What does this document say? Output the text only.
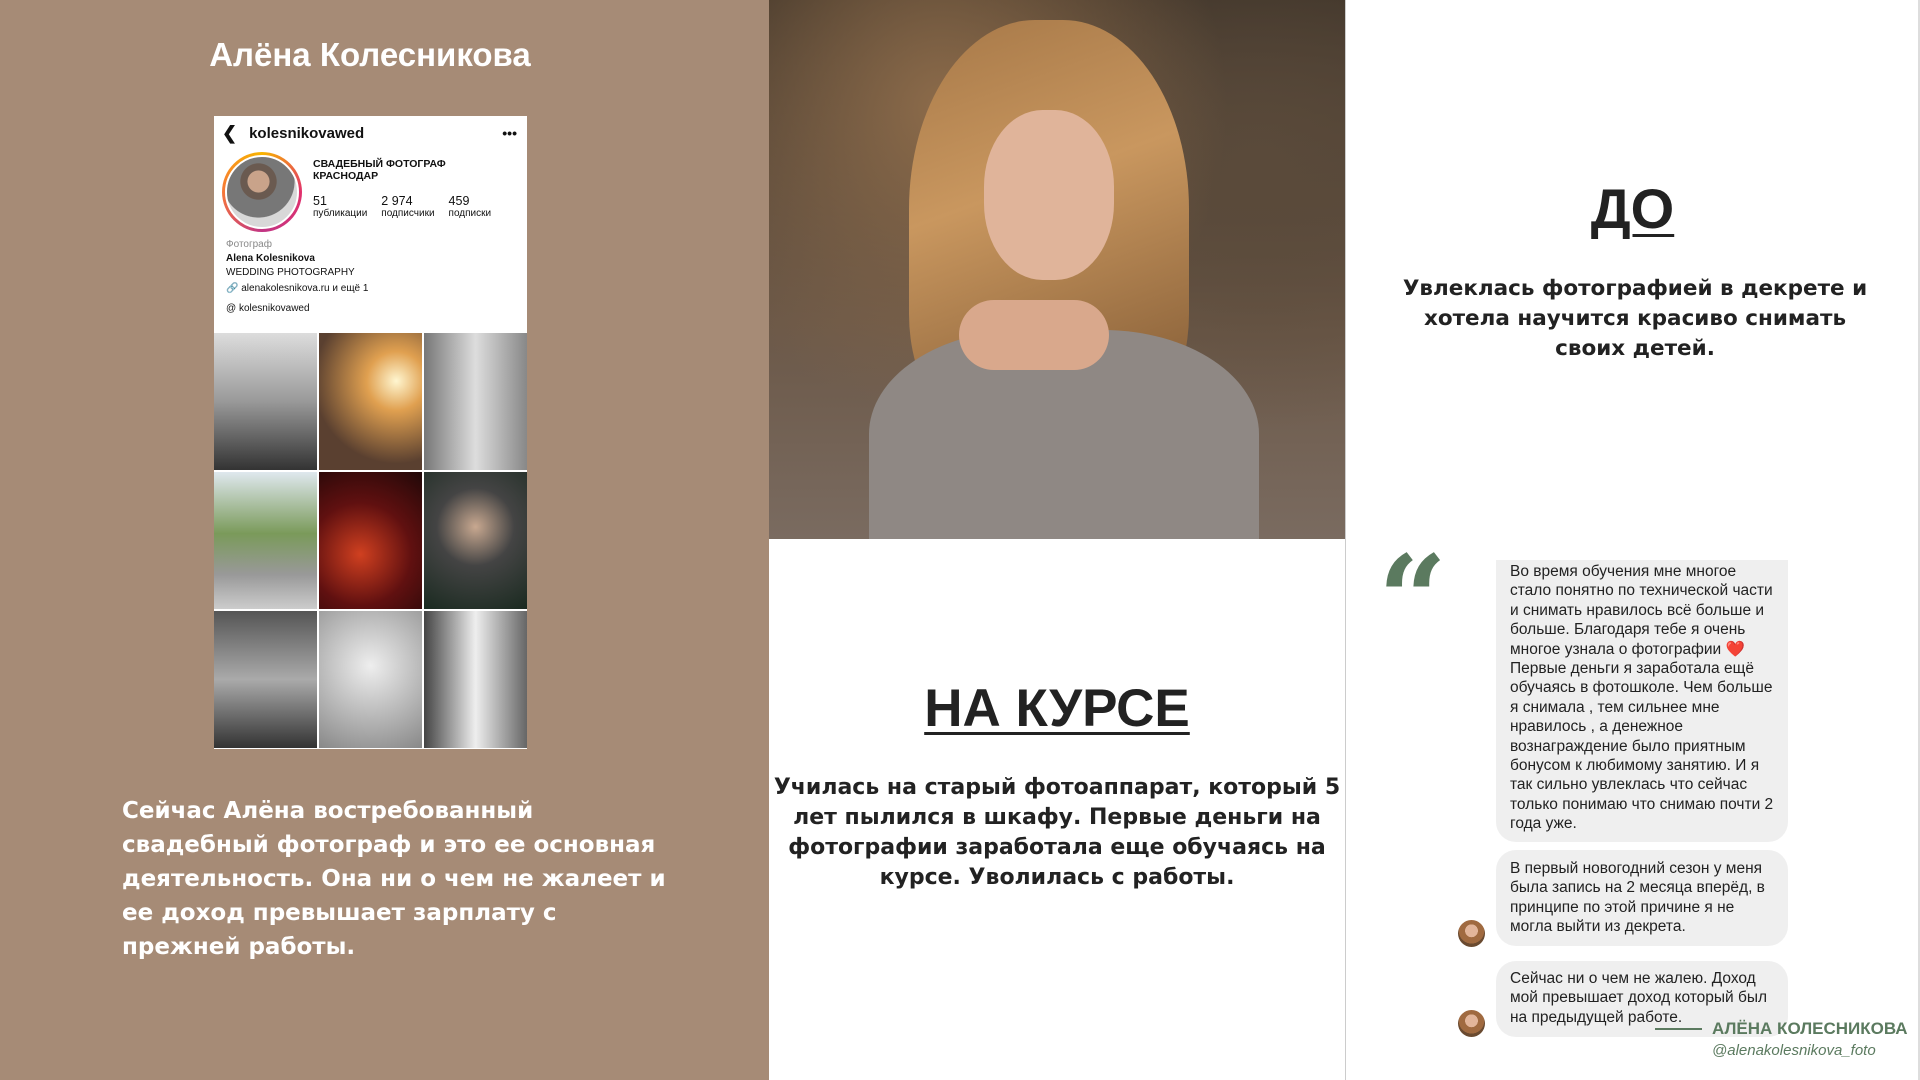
Алёна Колесникова
❮ kolesnikovawed	•••
СВАДЕБНЫЙ ФОТОГРАФ КРАСНОДАР
51
публикации
2 974
подписчики
459
подписки
Фотограф
Alena Kolesnikova
WEDDING PHOTOGRAPHY
🔗 alenakolesnikova.ru и ещё 1
@ kolesnikovawed
Сейчас Алёна востребованный свадебный фотограф и это ее основная деятельность. Она ни о чем не жалеет и ее доход превышает зарплату с прежней работы.
НА КУРСЕ
Училась на старый фотоаппарат, который 5 лет пылился в шкафу. Первые деньги на фотографии заработала еще обучаясь на курсе. Уволилась с работы.
ДО
Увлеклась фотографией в декрете и хотела научится красиво снимать своих детей.
“	Во время обучения мне многое стало понятно по технической части и снимать нравилось всё больше и больше. Благодаря тебе я очень многое узнала о фотографии ❤️ Первые деньги я заработала ещё обучаясь в фотошколе. Чем больше я снимала , тем сильнее мне нравилось , а денежное вознаграждение было приятным бонусом к любимому занятию. И я так сильно увлеклась что сейчас только понимаю что снимаю почти 2 года уже.
В первый новогодний сезон у меня была запись на 2 месяца вперёд, в принципе по этой причине я не могла выйти из декрета.
Сейчас ни о чем не жалею. Доход мой превышает доход который был на предыдущей работе.
АЛЁНА КОЛЕСНИКОВА
@alenakolesnikova_foto
